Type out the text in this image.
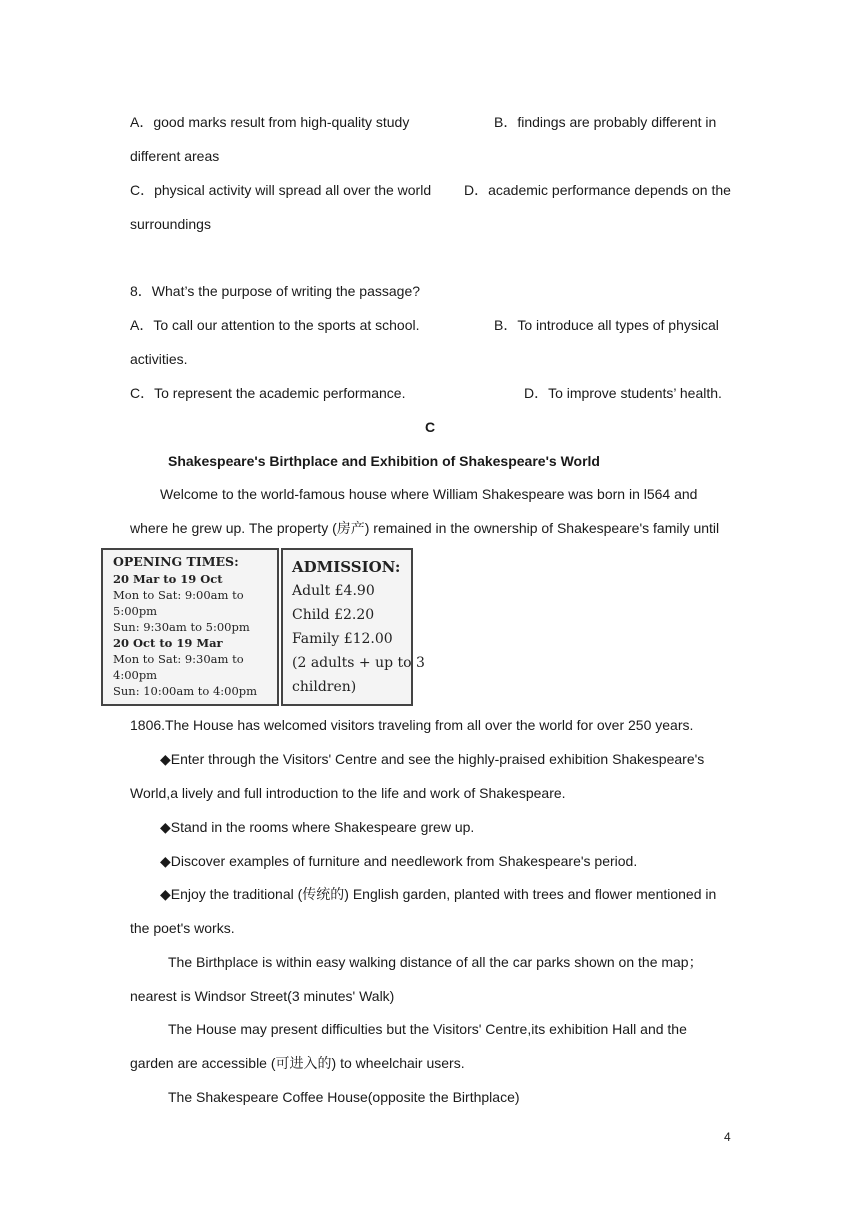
A．good marks result from high-quality study	B．findings are probably different in
different areas
C．physical activity will spread all over the world D．academic performance depends on the
surroundings
8．What’s the purpose of writing the passage?
A．To call our attention to the sports at school.	B．To introduce all types of physical
activities.
C．To represent the academic performance.	D．To improve students’ health.
C
Shakespeare's Birthplace and Exhibition of Shakespeare's World
Welcome to the world-famous house where William Shakespeare was born in l564 and
where he grew up. The property (房产) remained in the ownership of Shakespeare's family until
OPENING TIMES:
20 Mar to 19 Oct
Mon to Sat: 9:00am to
5:00pm
Sun: 9:30am to 5:00pm
20 Oct to 19 Mar
Mon to Sat: 9:30am to
4:00pm
Sun: 10:00am to 4:00pm
ADMISSION:
Adult £4.90
Child £2.20
Family £12.00
(2 adults + up to 3
children)
1806.The House has welcomed visitors traveling from all over the world for over 250 years.
◆Enter through the Visitors' Centre and see the highly-praised exhibition Shakespeare's
World,a lively and full introduction to the life and work of Shakespeare.
◆Stand in the rooms where Shakespeare grew up.
◆Discover examples of furniture and needlework from Shakespeare's period.
◆Enjoy the traditional (传统的) English garden, planted with trees and flower mentioned in
the poet's works.
The Birthplace is within easy walking distance of all the car parks shown on the map；
nearest is Windsor Street(3 minutes' Walk)
The House may present difficulties but the Visitors' Centre,its exhibition Hall and the
garden are accessible (可进入的) to wheelchair users.
The Shakespeare Coffee House(opposite the Birthplace)
4
